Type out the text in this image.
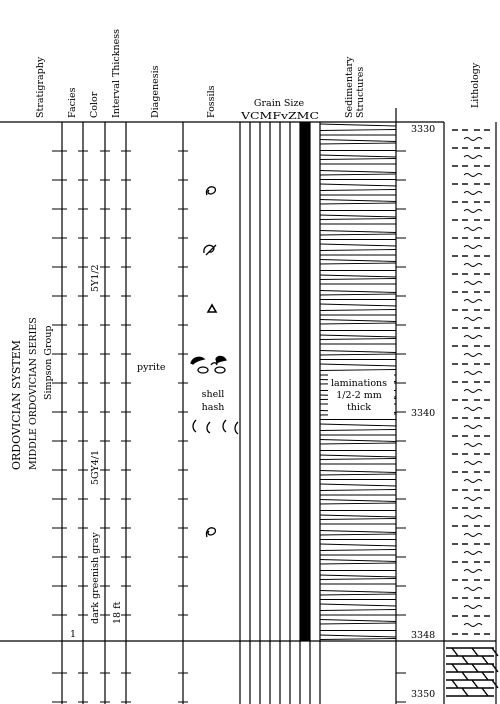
Stratigraphy Facies Color Interval Thickness	Diagenesis	Fossils	Grain Size
VCMFvZMC	Sedimentary Structures	Lithology
ORDOVICIAN SYSTEM MIDDLE ORDOVICIAN SERIES Simpson Group
1
5Y1/2
5GY4/1
dark greenish gray 18 ft
pyrite
shell
hash
laminations
1/2-2 mm
thick
3330
3340
3348
3350
